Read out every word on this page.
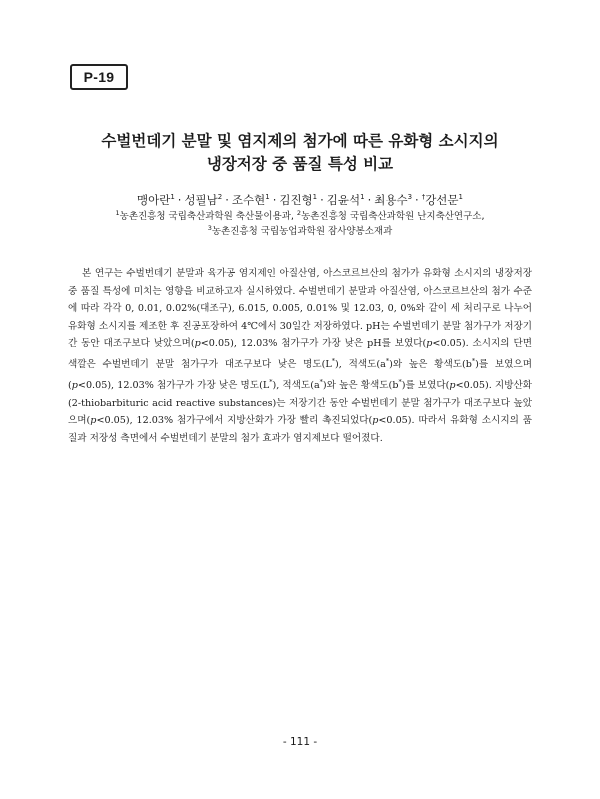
P-19
수벌번데기 분말 및 염지제의 첨가에 따른 유화형 소시지의
냉장저장 중 품질 특성 비교
맹아란$^1$ · 성필남$^2$ · 조수현$^1$ · 김진형$^1$ · 김윤석$^1$ · 최용수$^3$ · †강선문$^1$
$^1$농촌진흥청 국립축산과학원 축산물이용과, $^2$농촌진흥청 국립축산과학원 난지축산연구소,
$^3$농촌진흥청 국립농업과학원 잠사양봉소재과

본 연구는 수벌번데기 분말과 육가공 염지제인 아질산염, 아스코르브산의 첨가가 유화형 소시지의 냉장저장 중 품질 특성에 미치는 영향을 비교하고자 실시하였다. 수벌번데기 분말과 아질산염, 아스코르브산의 첨가 수준에 따라 각각 0, 0.01, 0.02%(대조구), 6.015, 0.005, 0.01% 및 12.03, 0, 0%와 같이 세 처리구로 나누어 유화형 소시지를 제조한 후 진공포장하여 4℃에서 30일간 저장하였다. pH는 수벌번데기 분말 첨가구가 저장기간 동안 대조구보다 낮았으며(p<0.05), 12.03% 첨가구가 가장 낮은 pH를 보였다(p<0.05). 소시지의 단면 색깔은 수벌번데기 분말 첨가구가 대조구보다 낮은 명도(L*), 적색도(a*)와 높은 황색도(b*)를 보였으며(p<0.05), 12.03% 첨가구가 가장 낮은 명도(L*), 적색도(a*)와 높은 황색도(b*)를 보였다(p<0.05). 지방산화(2-thiobarbituric acid reactive substances)는 저장기간 동안 수벌번데기 분말 첨가구가 대조구보다 높았으며(p<0.05), 12.03% 첨가구에서 지방산화가 가장 빨리 촉진되었다(p<0.05). 따라서 유화형 소시지의 품질과 저장성 측면에서 수벌번데기 분말의 첨가 효과가 염지제보다 떨어졌다.

- 111 -
